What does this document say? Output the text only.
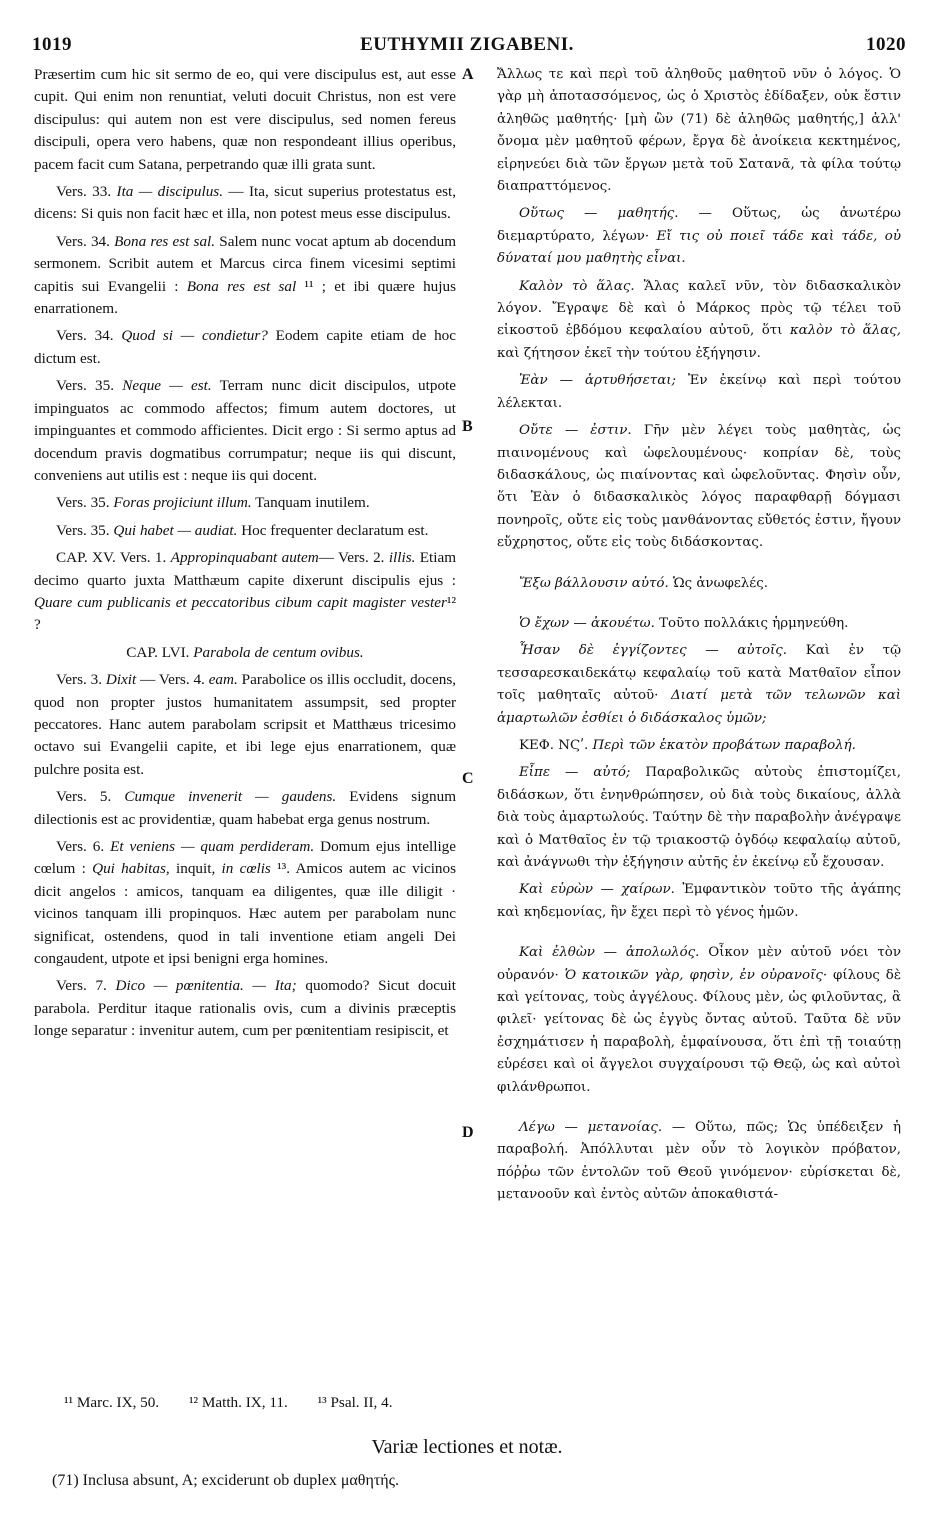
1019	EUTHYMII ZIGABENI.	1020
A
B
C
D

Præsertim cum hic sit sermo de eo, qui vere discipulus est, aut esse cupit. Qui enim non renuntiat, veluti docuit Christus, non est vere discipulus: qui autem non est vere discipulus, sed nomen fereus discipuli, opera vero habens, quæ non respondeant illius operibus, pacem facit cum Satana, perpetrando quæ illi grata sunt.

Vers. 33. Ita — discipulus. — Ita, sicut superius protestatus est, dicens: Si quis non facit hæc et illa, non potest meus esse discipulus.

Vers. 34. Bona res est sal. Salem nunc vocat aptum ab docendum sermonem. Scribit autem et Marcus circa finem vicesimi septimi capitis sui Evangelii : Bona res est sal ¹¹ ; et ibi quære hujus enarrationem.

Vers. 34. Quod si — condietur? Eodem capite etiam de hoc dictum est.

Vers. 35. Neque — est. Terram nunc dicit discipulos, utpote impinguatos ac commodo affectos; fimum autem doctores, ut impinguantes et commodo afficientes. Dicit ergo : Si sermo aptus ad docendum pravis dogmatibus corrumpatur; neque iis qui discunt, conveniens aut utilis est : neque iis qui docent.

Vers. 35. Foras projiciunt illum. Tanquam inutilem.

Vers. 35. Qui habet — audiat. Hoc frequenter declaratum est.

CAP. XV. Vers. 1. Appropinquabant autem— Vers. 2. illis. Etiam decimo quarto juxta Matthæum capite dixerunt discipulis ejus : Quare cum publicanis et peccatoribus cibum capit magister vester¹² ?

CAP. LVI. Parabola de centum ovibus.

Vers. 3. Dixit — Vers. 4. eam. Parabolice os illis occludit, docens, quod non propter justos humanitatem assumpsit, sed propter peccatores. Hanc autem parabolam scripsit et Matthæus tricesimo octavo sui Evangelii capite, et ibi lege ejus enarrationem, quæ pulchre posita est.

Vers. 5. Cumque invenerit — gaudens. Evidens signum dilectionis est ac providentiæ, quam habebat erga genus nostrum.

Vers. 6. Et veniens — quam perdideram. Domum ejus intellige cœlum : Qui habitas, inquit, in cœlis ¹³. Amicos autem ac vicinos dicit angelos : amicos, tanquam ea diligentes, quæ ille diligit · vicinos tanquam illi propinquos. Hæc autem per parabolam nunc significat, ostendens, quod in tali inventione etiam angeli Dei congaudent, utpote et ipsi benigni erga homines.

Vers. 7. Dico — pœnitentia. — Ita; quomodo? Sicut docuit parabola. Perditur itaque rationalis ovis, cum a divinis præceptis longe separatur : invenitur autem, cum per pœnitentiam resipiscit, et

Ἄλλως τε καὶ περὶ τοῦ ἀληθοῦς μαθητοῦ νῦν ὁ λόγος. Ὁ γὰρ μὴ ἀποτασσόμενος, ὡς ὁ Χριστὸς ἐδίδαξεν, οὐκ ἔστιν ἀληθῶς μαθητής· [μὴ ὢν (71) δὲ ἀληθῶς μαθητής,] ἀλλ' ὄνομα μὲν μαθητοῦ φέρων, ἔργα δὲ ἀνοίκεια κεκτημένος, εἰρηνεύει διὰ τῶν ἔργων μετὰ τοῦ Σατανᾶ, τὰ φίλα τούτῳ διαπραττόμενος.

Οὕτως — μαθητής. — Οὕτως, ὡς ἀνωτέρω διεμαρτύρατο, λέγων· Εἴ τις οὐ ποιεῖ τάδε καὶ τάδε, οὐ δύναταί μου μαθητὴς εἶναι.

Καλὸν τὸ ἅλας. Ἅλας καλεῖ νῦν, τὸν διδασκαλικὸν λόγον. Ἔγραψε δὲ καὶ ὁ Μάρκος πρὸς τῷ τέλει τοῦ εἰκοστοῦ ἑβδόμου κεφαλαίου αὐτοῦ, ὅτι καλὸν τὸ ἅλας, καὶ ζήτησον ἐκεῖ τὴν τούτου ἐξήγησιν.

Ἐὰν — ἀρτυθήσεται; Ἐν ἐκείνῳ καὶ περὶ τούτου λέλεκται.

Οὔτε — ἐστιν. Γῆν μὲν λέγει τοὺς μαθητὰς, ὡς πιαινομένους καὶ ὠφελουμένους· κοπρίαν δὲ, τοὺς διδασκάλους, ὡς πιαίνοντας καὶ ὠφελοῦντας. Φησὶν οὖν, ὅτι Ἐὰν ὁ διδασκαλικὸς λόγος παραφθαρῇ δόγμασι πονηροῖς, οὔτε εἰς τοὺς μανθάνοντας εὔθετός ἐστιν, ἤγουν εὔχρηστος, οὔτε εἰς τοὺς διδάσκοντας.

Ἔξω βάλλουσιν αὐτό. Ὡς ἀνωφελές.

Ὁ ἔχων — ἀκουέτω. Τοῦτο πολλάκις ἡρμηνεύθη.

Ἦσαν δὲ ἐγγίζοντες — αὐτοῖς. Καὶ ἐν τῷ τεσσαρεσκαιδεκάτῳ κεφαλαίῳ τοῦ κατὰ Ματθαῖον εἶπον τοῖς μαθηταῖς αὐτοῦ· Διατί μετὰ τῶν τελωνῶν καὶ ἁμαρτωλῶν ἐσθίει ὁ διδάσκαλος ὑμῶν;

ΚΕΦ. ΝϚʹ. Περὶ τῶν ἑκατὸν προβάτων παραβολή.

Εἶπε — αὐτό; Παραβολικῶς αὐτοὺς ἐπιστομίζει, διδάσκων, ὅτι ἐνηνθρώπησεν, οὐ διὰ τοὺς δικαίους, ἀλλὰ διὰ τοὺς ἁμαρτωλούς. Ταύτην δὲ τὴν παραβολὴν ἀνέγραψε καὶ ὁ Ματθαῖος ἐν τῷ τριακοστῷ ὀγδόῳ κεφαλαίῳ αὐτοῦ, καὶ ἀνάγνωθι τὴν ἐξήγησιν αὐτῆς ἐν ἐκείνῳ εὖ ἔχουσαν.

Καὶ εὑρὼν — χαίρων. Ἐμφαντικὸν τοῦτο τῆς ἀγάπης καὶ κηδεμονίας, ἣν ἔχει περὶ τὸ γένος ἡμῶν.

Καὶ ἐλθὼν — ἀπολωλός. Οἶκον μὲν αὐτοῦ νόει τὸν οὐρανόν· Ὁ κατοικῶν γὰρ, φησὶν, ἐν οὐρανοῖς· φίλους δὲ καὶ γείτονας, τοὺς ἀγγέλους. Φίλους μὲν, ὡς φιλοῦντας, ἃ φιλεῖ· γείτονας δὲ ὡς ἐγγὺς ὄντας αὐτοῦ. Ταῦτα δὲ νῦν ἐσχημάτισεν ἡ παραβολὴ, ἐμφαίνουσα, ὅτι ἐπὶ τῇ τοιαύτῃ εὑρέσει καὶ οἱ ἄγγελοι συγχαίρουσι τῷ Θεῷ, ὡς καὶ αὐτοὶ φιλάνθρωποι.

Λέγω — μετανοίας. — Οὕτω, πῶς; Ὡς ὑπέδειξεν ἡ παραβολή. Ἀπόλλυται μὲν οὖν τὸ λογικὸν πρόβατον, πόῤῥω τῶν ἐντολῶν τοῦ Θεοῦ γινόμενον· εὑρίσκεται δὲ, μετανοοῦν καὶ ἐντὸς αὐτῶν ἀποκαθιστά-

¹¹ Marc. IX, 50. ¹² Matth. IX, 11. ¹³ Psal. II, 4.
Variæ lectiones et notæ.
(71) Inclusa absunt, A; exciderunt ob duplex μαθητής.
